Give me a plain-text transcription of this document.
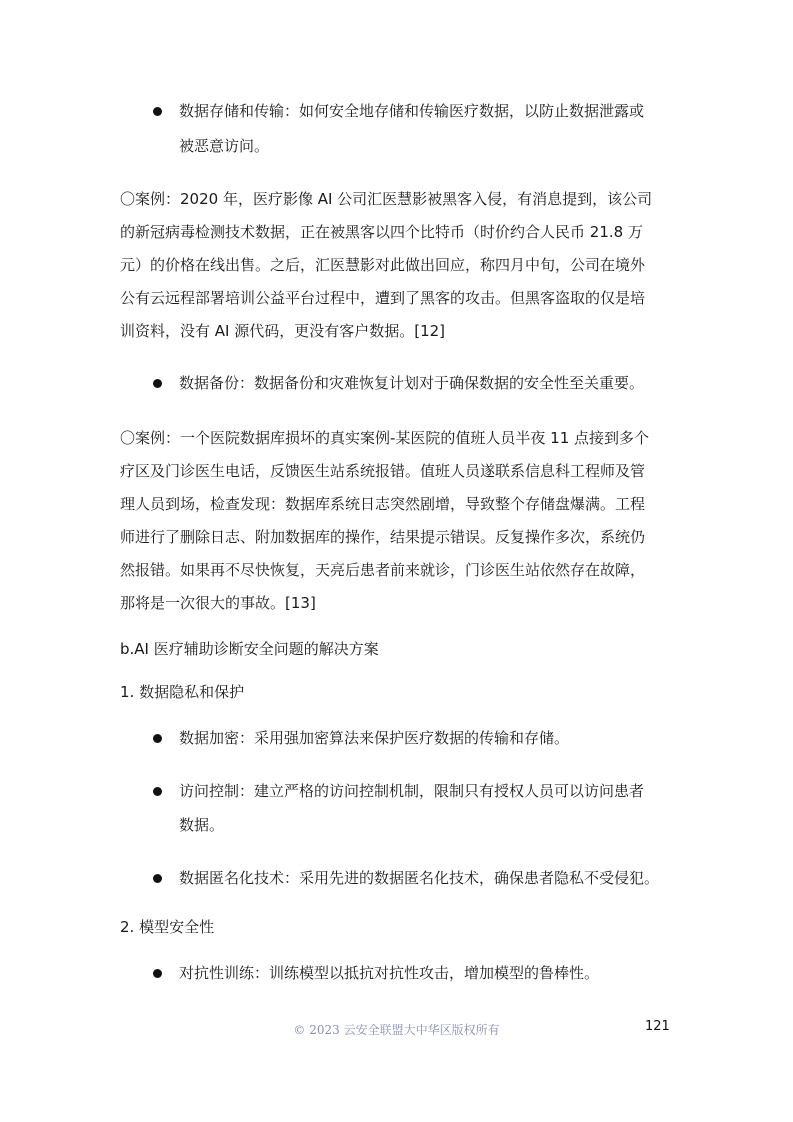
数据存储和传输：如何安全地存储和传输医疗数据，以防止数据泄露或
被恶意访问。
〇案例：2020 年，医疗影像 AI 公司汇医慧影被黑客入侵，有消息提到，该公司
的新冠病毒检测技术数据，正在被黑客以四个比特币（时价约合人民币 21.8 万
元）的价格在线出售。之后，汇医慧影对此做出回应，称四月中旬，公司在境外
公有云远程部署培训公益平台过程中，遭到了黑客的攻击。但黑客盗取的仅是培
训资料，没有 AI 源代码，更没有客户数据。[12]
数据备份：数据备份和灾难恢复计划对于确保数据的安全性至关重要。
〇案例：一个医院数据库损坏的真实案例-某医院的值班人员半夜 11 点接到多个
疗区及门诊医生电话，反馈医生站系统报错。值班人员遂联系信息科工程师及管
理人员到场，检查发现：数据库系统日志突然剧增，导致整个存储盘爆满。工程
师进行了删除日志、附加数据库的操作，结果提示错误。反复操作多次，系统仍
然报错。如果再不尽快恢复，天亮后患者前来就诊，门诊医生站依然存在故障，
那将是一次很大的事故。[13]
b.AI 医疗辅助诊断安全问题的解决方案
1. 数据隐私和保护
数据加密：采用强加密算法来保护医疗数据的传输和存储。
访问控制：建立严格的访问控制机制，限制只有授权人员可以访问患者
数据。
数据匿名化技术：采用先进的数据匿名化技术，确保患者隐私不受侵犯。
2. 模型安全性
对抗性训练：训练模型以抵抗对抗性攻击，增加模型的鲁棒性。
© 2023 云安全联盟大中华区版权所有	121
